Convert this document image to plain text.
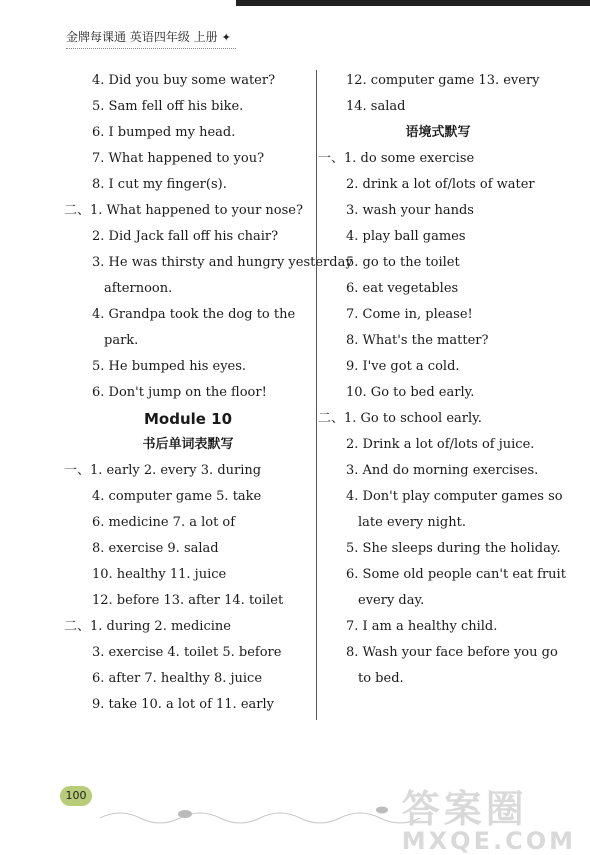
金牌每课通 英语四年级 上册 ✦
4. Did you buy some water?
5. Sam fell off his bike.
6. I bumped my head.
7. What happened to you?
8. I cut my finger(s).
二、1. What happened to your nose?
2. Did Jack fall off his chair?
3. He was thirsty and hungry yesterday
afternoon.
4. Grandpa took the dog to the
park.
5. He bumped his eyes.
6. Don't jump on the floor!
Module 10
书后单词表默写
一、1. early 2. every 3. during
4. computer game 5. take
6. medicine 7. a lot of
8. exercise 9. salad
10. healthy 11. juice
12. before 13. after 14. toilet
二、1. during 2. medicine
3. exercise 4. toilet 5. before
6. after 7. healthy 8. juice
9. take 10. a lot of 11. early
12. computer game 13. every
14. salad
语境式默写
一、1. do some exercise
2. drink a lot of/lots of water
3. wash your hands
4. play ball games
5. go to the toilet
6. eat vegetables
7. Come in, please!
8. What's the matter?
9. I've got a cold.
10. Go to bed early.
二、1. Go to school early.
2. Drink a lot of/lots of juice.
3. And do morning exercises.
4. Don't play computer games so
late every night.
5. She sleeps during the holiday.
6. Some old people can't eat fruit
every day.
7. I am a healthy child.
8. Wash your face before you go
to bed.
100	答案圈
MXQE.COM
